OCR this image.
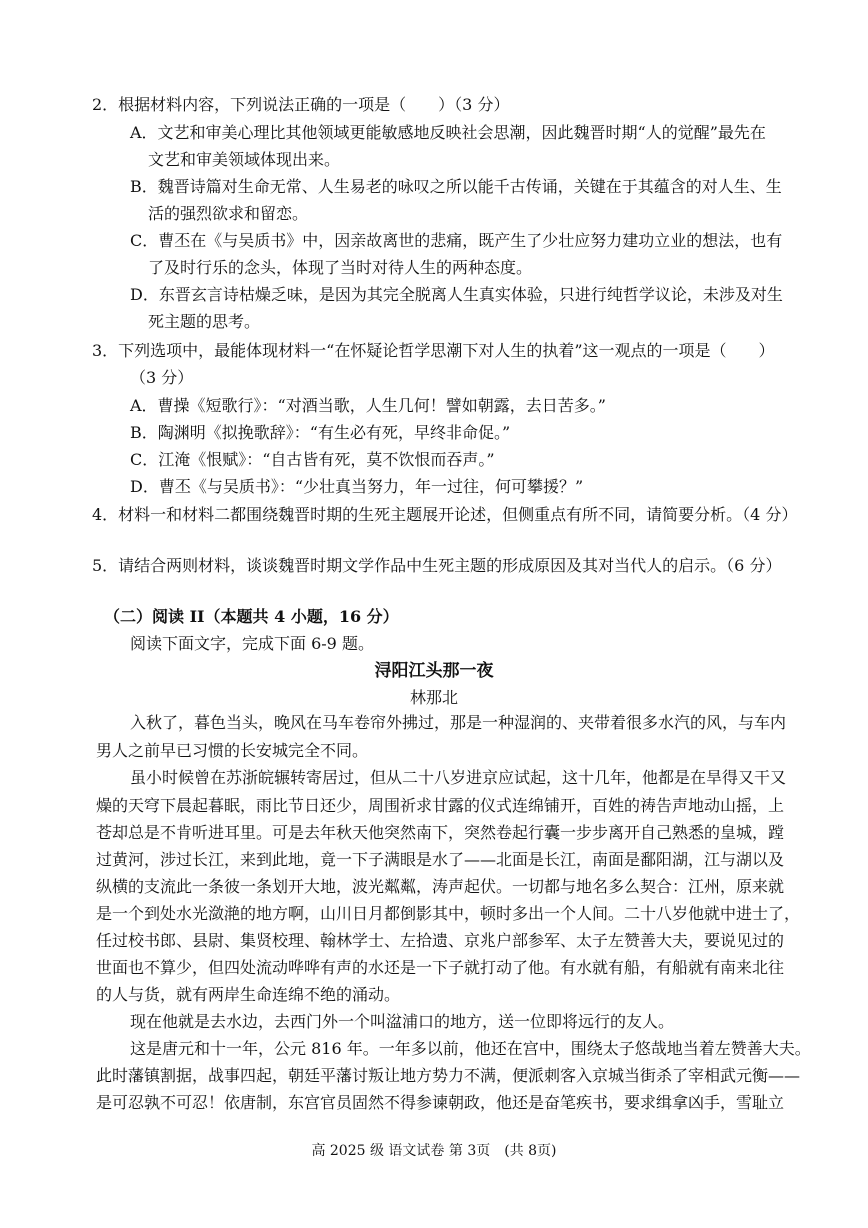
2．根据材料内容，下列说法正确的一项是（　　）（3 分）
A．文艺和审美心理比其他领域更能敏感地反映社会思潮，因此魏晋时期“人的觉醒”最先在
文艺和审美领域体现出来。
B．魏晋诗篇对生命无常、人生易老的咏叹之所以能千古传诵，关键在于其蕴含的对人生、生
活的强烈欲求和留恋。
C．曹丕在《与吴质书》中，因亲故离世的悲痛，既产生了少壮应努力建功立业的想法，也有
了及时行乐的念头，体现了当时对待人生的两种态度。
D．东晋玄言诗枯燥乏味，是因为其完全脱离人生真实体验，只进行纯哲学议论，未涉及对生
死主题的思考。
3．下列选项中，最能体现材料一“在怀疑论哲学思潮下对人生的执着”这一观点的一项是（　　）
（3 分）
A．曹操《短歌行》：“对酒当歌，人生几何！譬如朝露，去日苦多。”
B．陶渊明《拟挽歌辞》：“有生必有死，早终非命促。”
C．江淹《恨赋》：“自古皆有死，莫不饮恨而吞声。”
D．曹丕《与吴质书》：“少壮真当努力，年一过往，何可攀援？”
4．材料一和材料二都围绕魏晋时期的生死主题展开论述，但侧重点有所不同，请简要分析。（4 分）
5．请结合两则材料，谈谈魏晋时期文学作品中生死主题的形成原因及其对当代人的启示。（6 分）
（二）阅读 II（本题共 4 小题，16 分）
阅读下面文字，完成下面 6-9 题。
浔阳江头那一夜
林那北
入秋了，暮色当头，晚风在马车卷帘外拂过，那是一种湿润的、夹带着很多水汽的风，与车内
男人之前早已习惯的长安城完全不同。
虽小时候曾在苏浙皖辗转寄居过，但从二十八岁进京应试起，这十几年，他都是在旱得又干又
燥的天穹下晨起暮眠，雨比节日还少，周围祈求甘露的仪式连绵铺开，百姓的祷告声地动山摇，上
苍却总是不肯听进耳里。可是去年秋天他突然南下，突然卷起行囊一步步离开自己熟悉的皇城，蹚
过黄河，涉过长江，来到此地，竟一下子满眼是水了——北面是长江，南面是鄱阳湖，江与湖以及
纵横的支流此一条彼一条划开大地，波光粼粼，涛声起伏。一切都与地名多么契合：江州，原来就
是一个到处水光潋滟的地方啊，山川日月都倒影其中，顿时多出一个人间。二十八岁他就中进士了，
任过校书郎、县尉、集贤校理、翰林学士、左拾遗、京兆户部参军、太子左赞善大夫，要说见过的
世面也不算少，但四处流动哗哗有声的水还是一下子就打动了他。有水就有船，有船就有南来北往
的人与货，就有两岸生命连绵不绝的涌动。
现在他就是去水边，去西门外一个叫湓浦口的地方，送一位即将远行的友人。
这是唐元和十一年，公元 816 年。一年多以前，他还在宫中，围绕太子悠哉地当着左赞善大夫。
此时藩镇割据，战事四起，朝廷平藩讨叛让地方势力不满，便派刺客入京城当街杀了宰相武元衡——
是可忍孰不可忍！依唐制，东宫官员固然不得参谏朝政，他还是奋笔疾书，要求缉拿凶手，雪耻立
高 2025 级 语文试卷 第 3页　(共 8页)
